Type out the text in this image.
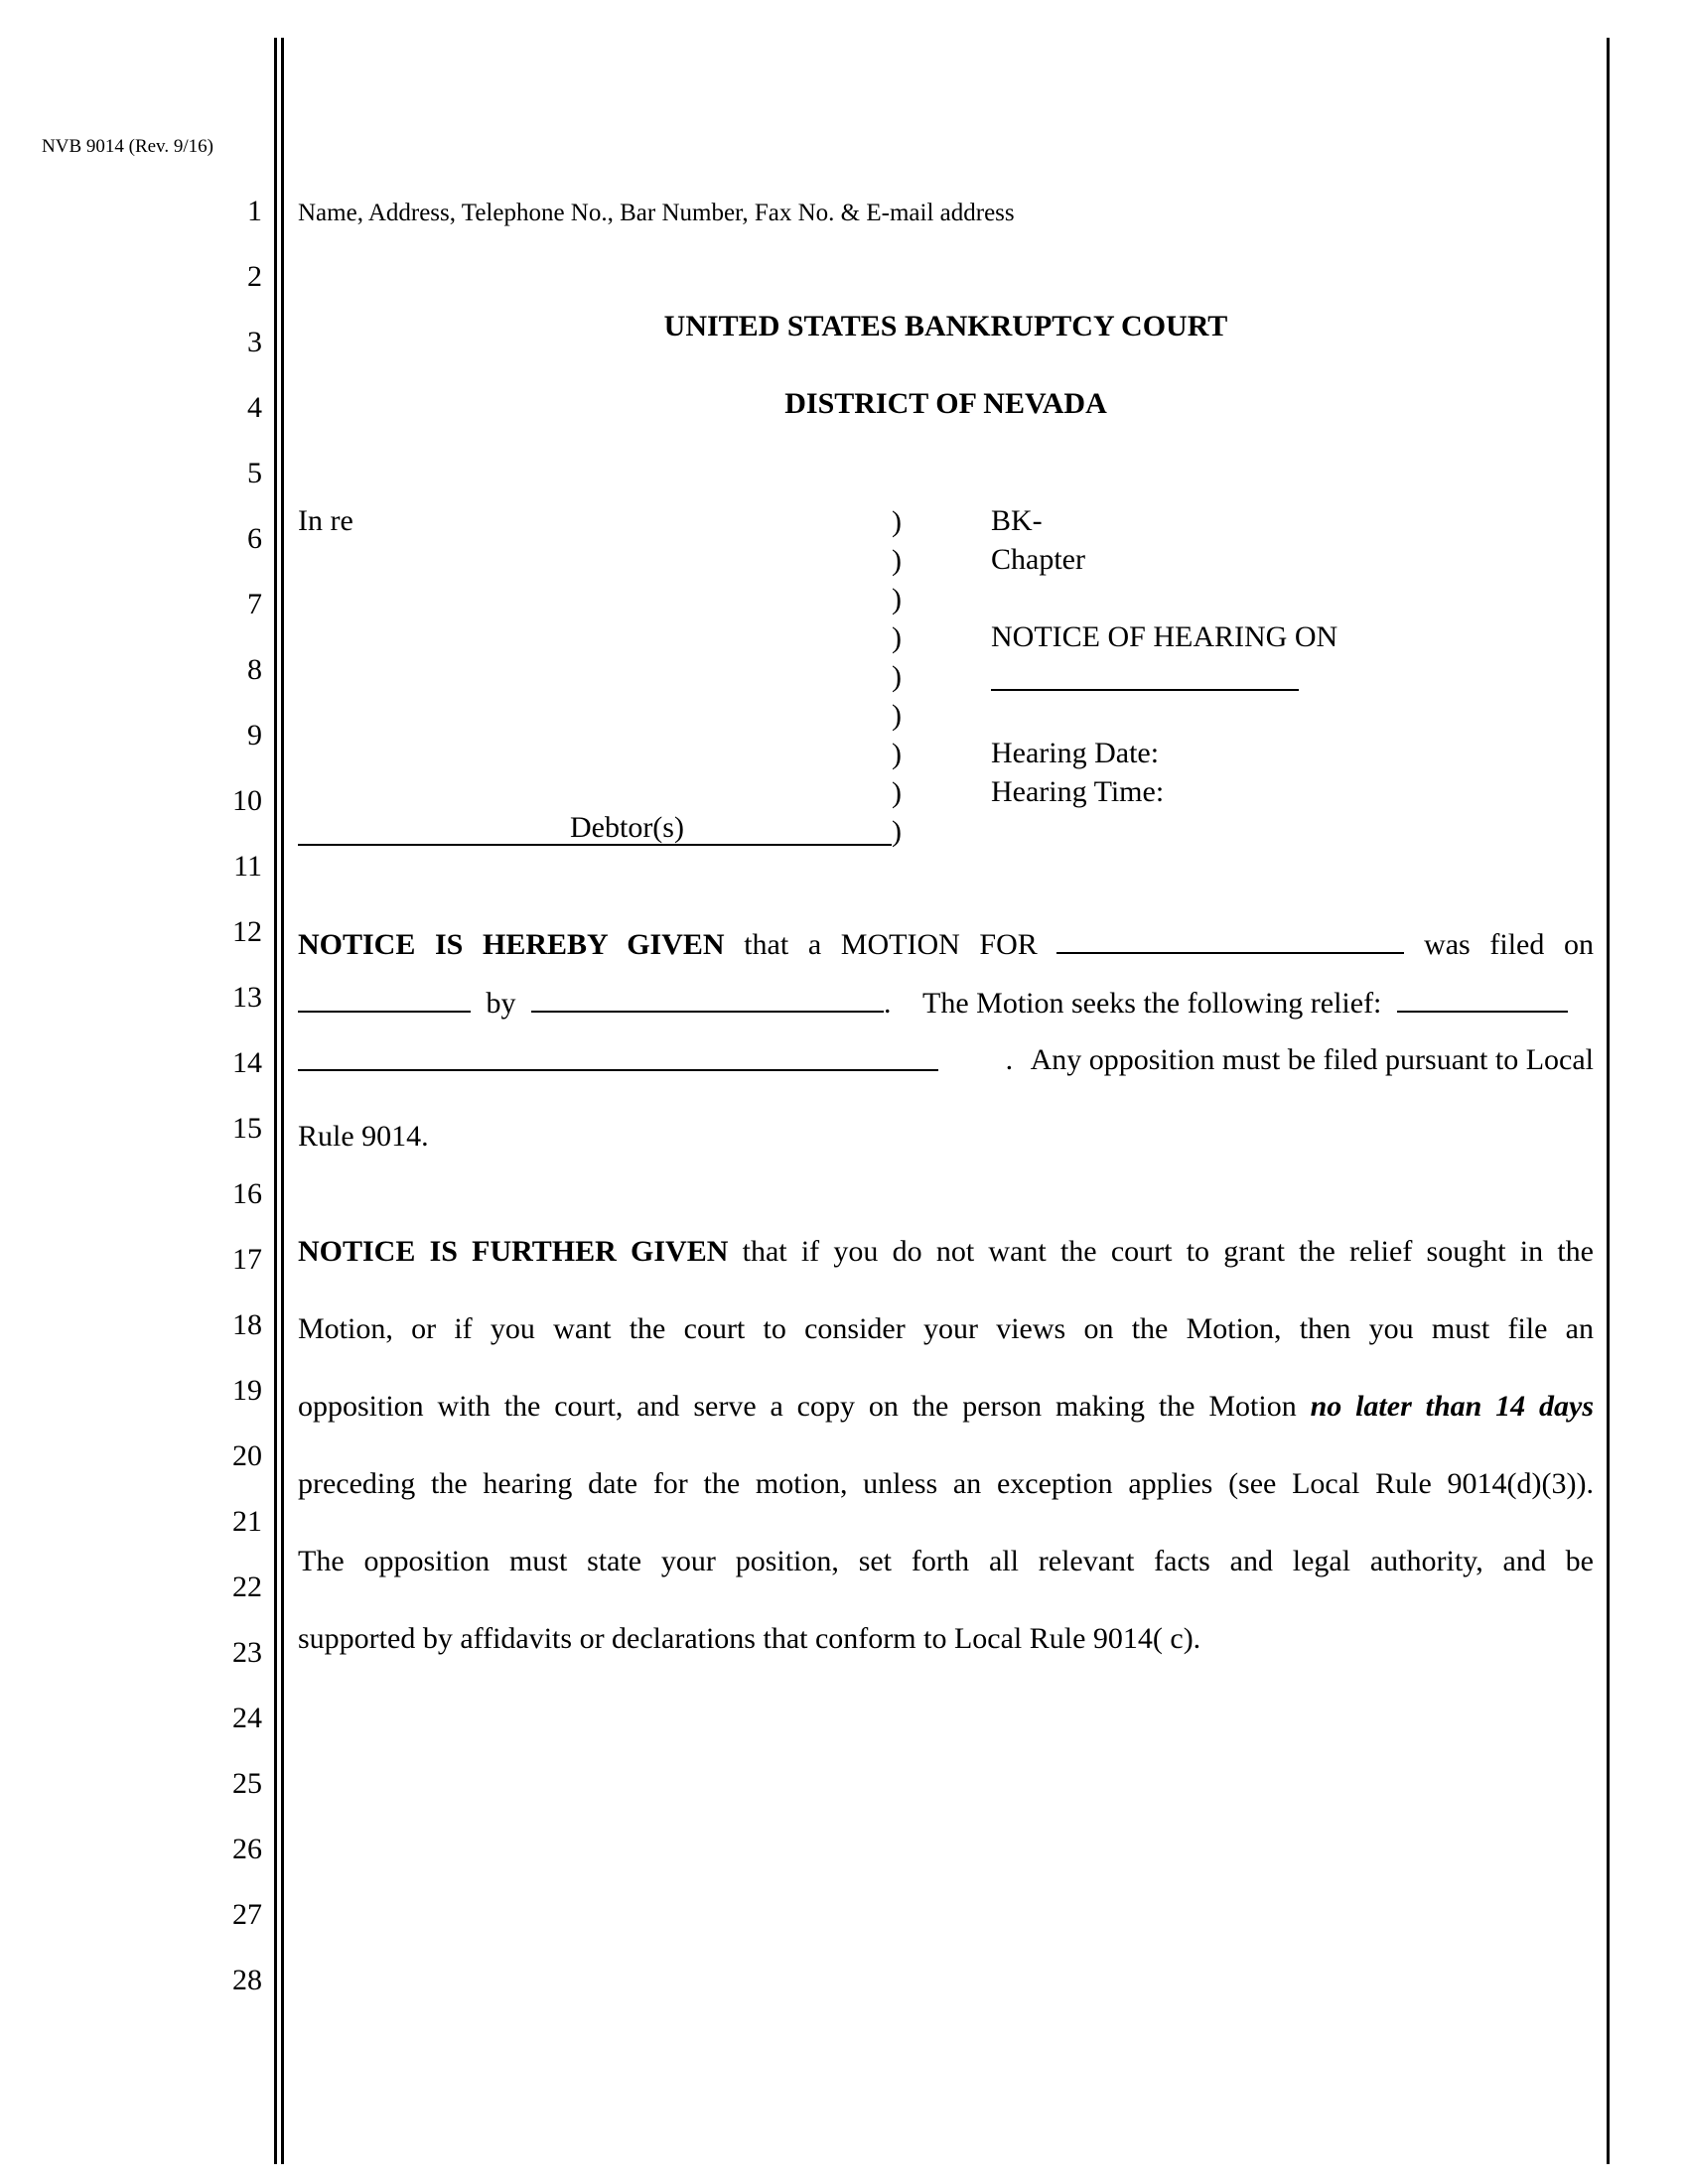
NVB 9014 (Rev. 9/16)
1
2
3
4
5
6
7
8
9
10
11
12
13
14
15
16
17
18
19
20
21
22
23
24
25
26
27
28
Name, Address, Telephone No., Bar Number, Fax No. & E-mail address
UNITED STATES BANKRUPTCY COURT
DISTRICT OF NEVADA
In re	)
)
)
)
)
)
)
)
)
Debtor(s)
BK-
Chapter
NOTICE OF HEARING ON
Hearing Date:
Hearing Time:
NOTICE IS HEREBY GIVEN that a MOTION FOR	was filed on
by	. The Motion seeks the following relief:
. Any opposition must be filed pursuant to Local
Rule 9014.
NOTICE IS FURTHER GIVEN that if you do not want the court to grant the relief sought in the
Motion, or if you want the court to consider your views on the Motion, then you must file an
opposition with the court, and serve a copy on the person making the Motion no later than 14 days
preceding the hearing date for the motion, unless an exception applies (see Local Rule 9014(d)(3)).
The opposition must state your position, set forth all relevant facts and legal authority, and be
supported by affidavits or declarations that conform to Local Rule 9014( c).
